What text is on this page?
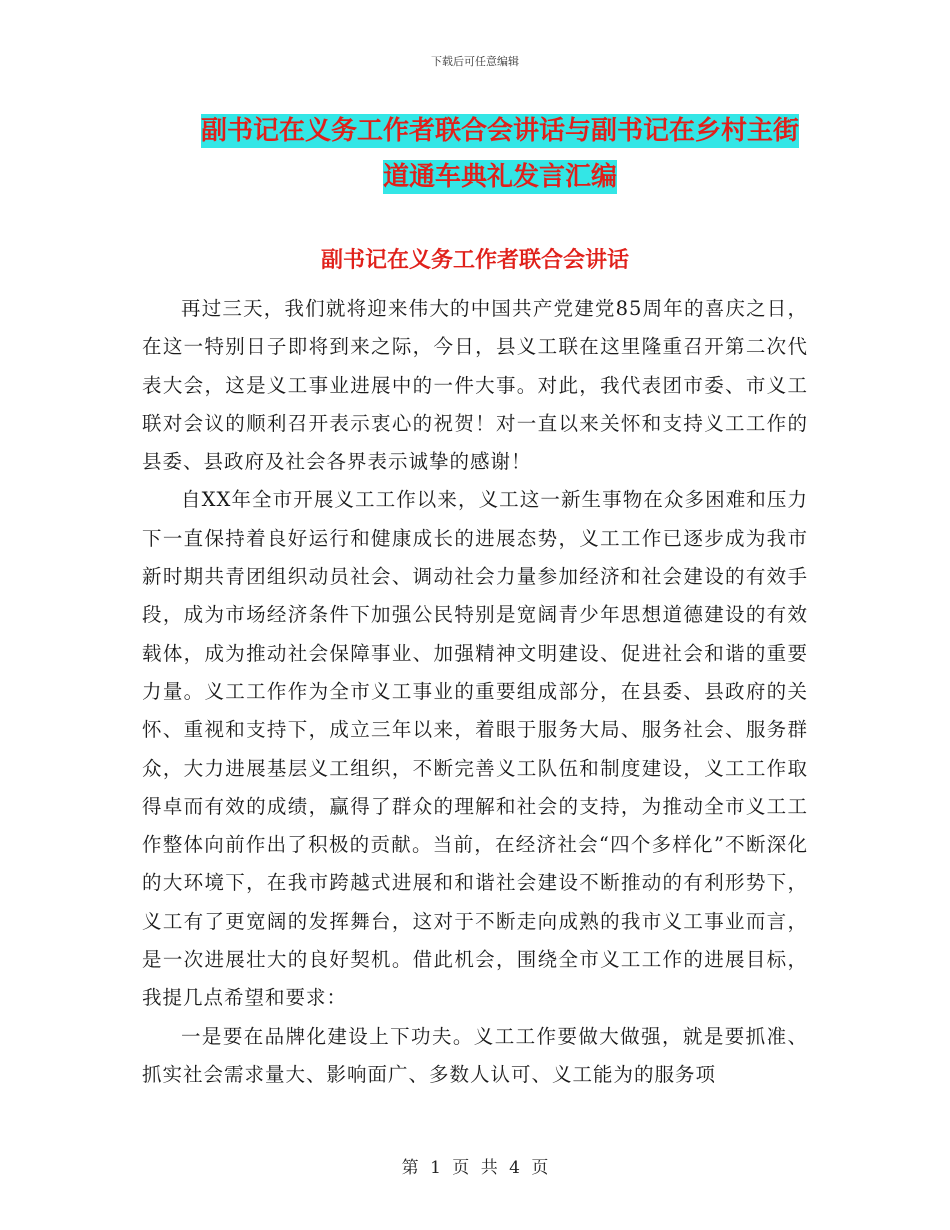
下载后可任意编辑
副书记在义务工作者联合会讲话与副书记在乡村主街
道通车典礼发言汇编
副书记在义务工作者联合会讲话

再过三天，我们就将迎来伟大的中国共产党建党85周年的喜庆之日，在这一特别日子即将到来之际，今日，县义工联在这里隆重召开第二次代表大会，这是义工事业进展中的一件大事。对此，我代表团市委、市义工联对会议的顺利召开表示衷心的祝贺！对一直以来关怀和支持义工工作的县委、县政府及社会各界表示诚挚的感谢！

自XX年全市开展义工工作以来，义工这一新生事物在众多困难和压力下一直保持着良好运行和健康成长的进展态势，义工工作已逐步成为我市新时期共青团组织动员社会、调动社会力量参加经济和社会建设的有效手段，成为市场经济条件下加强公民特别是宽阔青少年思想道德建设的有效载体，成为推动社会保障事业、加强精神文明建设、促进社会和谐的重要力量。义工工作作为全市义工事业的重要组成部分，在县委、县政府的关怀、重视和支持下，成立三年以来，着眼于服务大局、服务社会、服务群众，大力进展基层义工组织，不断完善义工队伍和制度建设，义工工作取得卓而有效的成绩，赢得了群众的理解和社会的支持，为推动全市义工工作整体向前作出了积极的贡献。当前，在经济社会“四个多样化”不断深化的大环境下，在我市跨越式进展和和谐社会建设不断推动的有利形势下，义工有了更宽阔的发挥舞台，这对于不断走向成熟的我市义工事业而言，是一次进展壮大的良好契机。借此机会，围绕全市义工工作的进展目标，我提几点希望和要求：

一是要在品牌化建设上下功夫。义工工作要做大做强，就是要抓准、抓实社会需求量大、影响面广、多数人认可、义工能为的服务项

第 1 页 共 4 页
